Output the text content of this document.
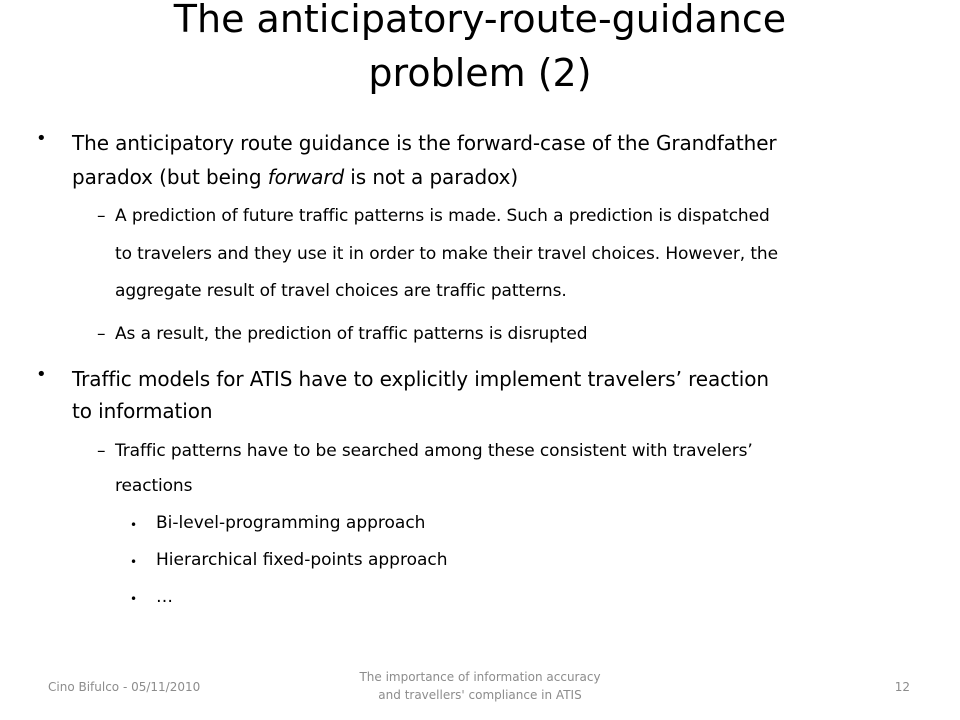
The anticipatory-route-guidance
problem (2)
• The anticipatory route guidance is the forward-case of the Grandfather
paradox (but being forward is not a paradox)
– A prediction of future traffic patterns is made. Such a prediction is dispatched
to travelers and they use it in order to make their travel choices. However, the
aggregate result of travel choices are traffic patterns.
– As a result, the prediction of traffic patterns is disrupted
• Traffic models for ATIS have to explicitly implement travelers’ reaction
to information
– Traffic patterns have to be searched among these consistent with travelers’
reactions
• Bi-level-programming approach
• Hierarchical fixed-points approach
• …
Cino Bifulco - 05/11/2010
The importance of information accuracy
and travellers' compliance in ATIS
12
